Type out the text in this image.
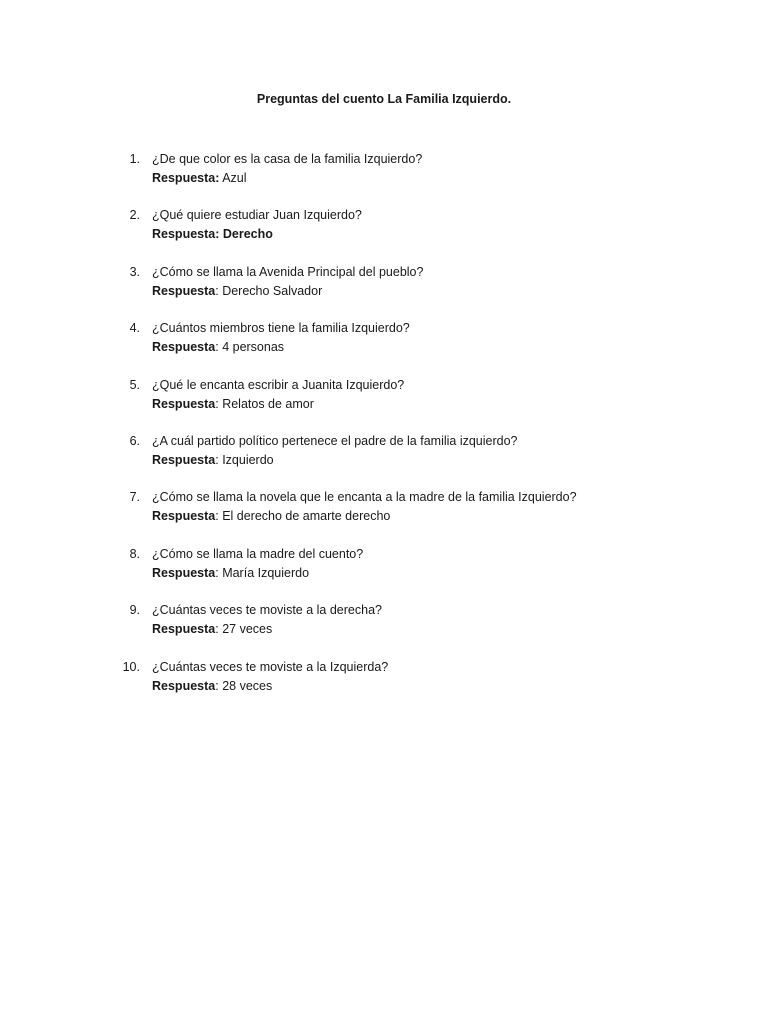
Preguntas del cuento La Familia Izquierdo.
1. ¿De que color es la casa de la familia Izquierdo?
Respuesta: Azul
2. ¿Qué quiere estudiar Juan Izquierdo?
Respuesta: Derecho
3. ¿Cómo se llama la Avenida Principal del pueblo?
Respuesta: Derecho Salvador
4. ¿Cuántos miembros tiene la familia Izquierdo?
Respuesta: 4 personas
5. ¿Qué le encanta escribir a Juanita Izquierdo?
Respuesta: Relatos de amor
6. ¿A cuál partido político pertenece el padre de la familia izquierdo?
Respuesta: Izquierdo
7. ¿Cómo se llama la novela que le encanta a la madre de la familia Izquierdo?
Respuesta: El derecho de amarte derecho
8. ¿Cómo se llama la madre del cuento?
Respuesta: María Izquierdo
9. ¿Cuántas veces te moviste a la derecha?
Respuesta: 27 veces
10. ¿Cuántas veces te moviste a la Izquierda?
Respuesta: 28 veces
